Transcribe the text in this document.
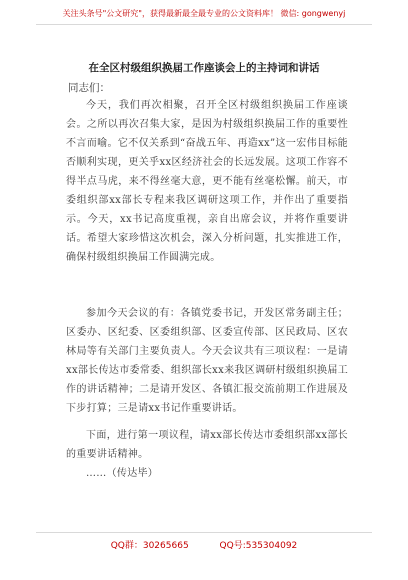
关注头条号"公文研究"，获得最新最全最专业的公文资料库！ 微信: gongwenyj
在全区村级组织换届工作座谈会上的主持词和讲话
同志们：
今天，我们再次相聚，召开全区村级组织换届工作座谈会。之所以再次召集大家，是因为村级组织换届工作的重要性不言而喻。它不仅关系到“奋战五年、再造xx”这一宏伟目标能否顺利实现，更关乎xx区经济社会的长远发展。这项工作容不得半点马虎，来不得丝毫大意，更不能有丝毫松懈。前天，市委组织部xx部长专程来我区调研这项工作，并作出了重要指示。今天，xx书记高度重视，亲自出席会议，并将作重要讲话。希望大家珍惜这次机会，深入分析问题，扎实推进工作，确保村级组织换届工作圆满完成。
参加今天会议的有：各镇党委书记，开发区常务副主任；区委办、区纪委、区委组织部、区委宣传部、区民政局、区农林局等有关部门主要负责人。今天会议共有三项议程：一是请xx部长传达市委常委、组织部长xx来我区调研村级组织换届工作的讲话精神；二是请开发区、各镇汇报交流前期工作进展及下步打算；三是请xx书记作重要讲话。
下面，进行第一项议程，请xx部长传达市委组织部xx部长的重要讲话精神。
……（传达毕）
QQ群：30265665	QQ号:535304092
